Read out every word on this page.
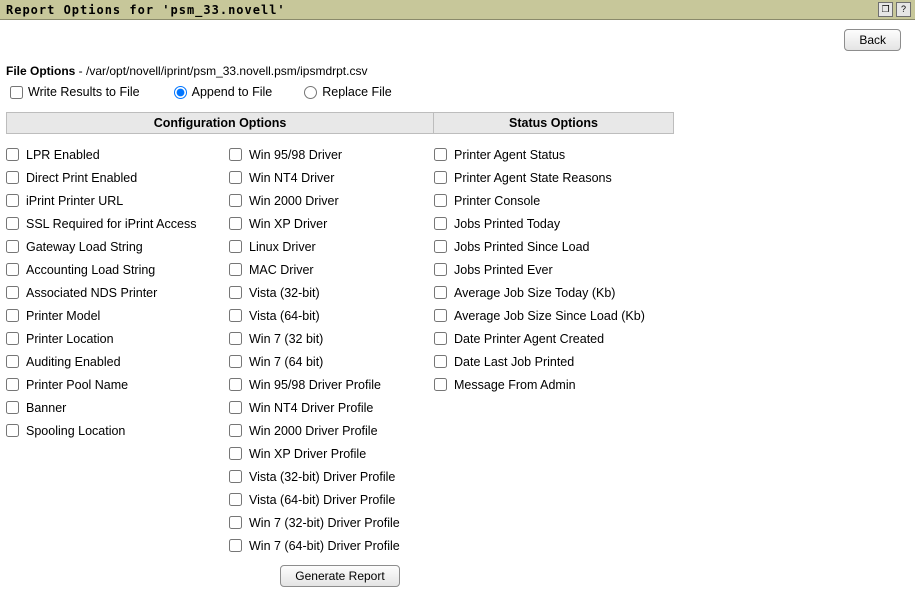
Report Options for 'psm_33.novell'	❐	?
Back
File Options - /var/opt/novell/iprint/psm_33.novell.psm/ipsmdrpt.csv
Write Results to File	Append to File	Replace File
Configuration Options	Status Options
LPR Enabled
Direct Print Enabled
iPrint Printer URL
SSL Required for iPrint Access
Gateway Load String
Accounting Load String
Associated NDS Printer
Printer Model
Printer Location
Auditing Enabled
Printer Pool Name
Banner
Spooling Location
Win 95/98 Driver
Win NT4 Driver
Win 2000 Driver
Win XP Driver
Linux Driver
MAC Driver
Vista (32-bit)
Vista (64-bit)
Win 7 (32 bit)
Win 7 (64 bit)
Win 95/98 Driver Profile
Win NT4 Driver Profile
Win 2000 Driver Profile
Win XP Driver Profile
Vista (32-bit) Driver Profile
Vista (64-bit) Driver Profile
Win 7 (32-bit) Driver Profile
Win 7 (64-bit) Driver Profile
Printer Agent Status
Printer Agent State Reasons
Printer Console
Jobs Printed Today
Jobs Printed Since Load
Jobs Printed Ever
Average Job Size Today (Kb)
Average Job Size Since Load (Kb)
Date Printer Agent Created
Date Last Job Printed
Message From Admin
Generate Report
